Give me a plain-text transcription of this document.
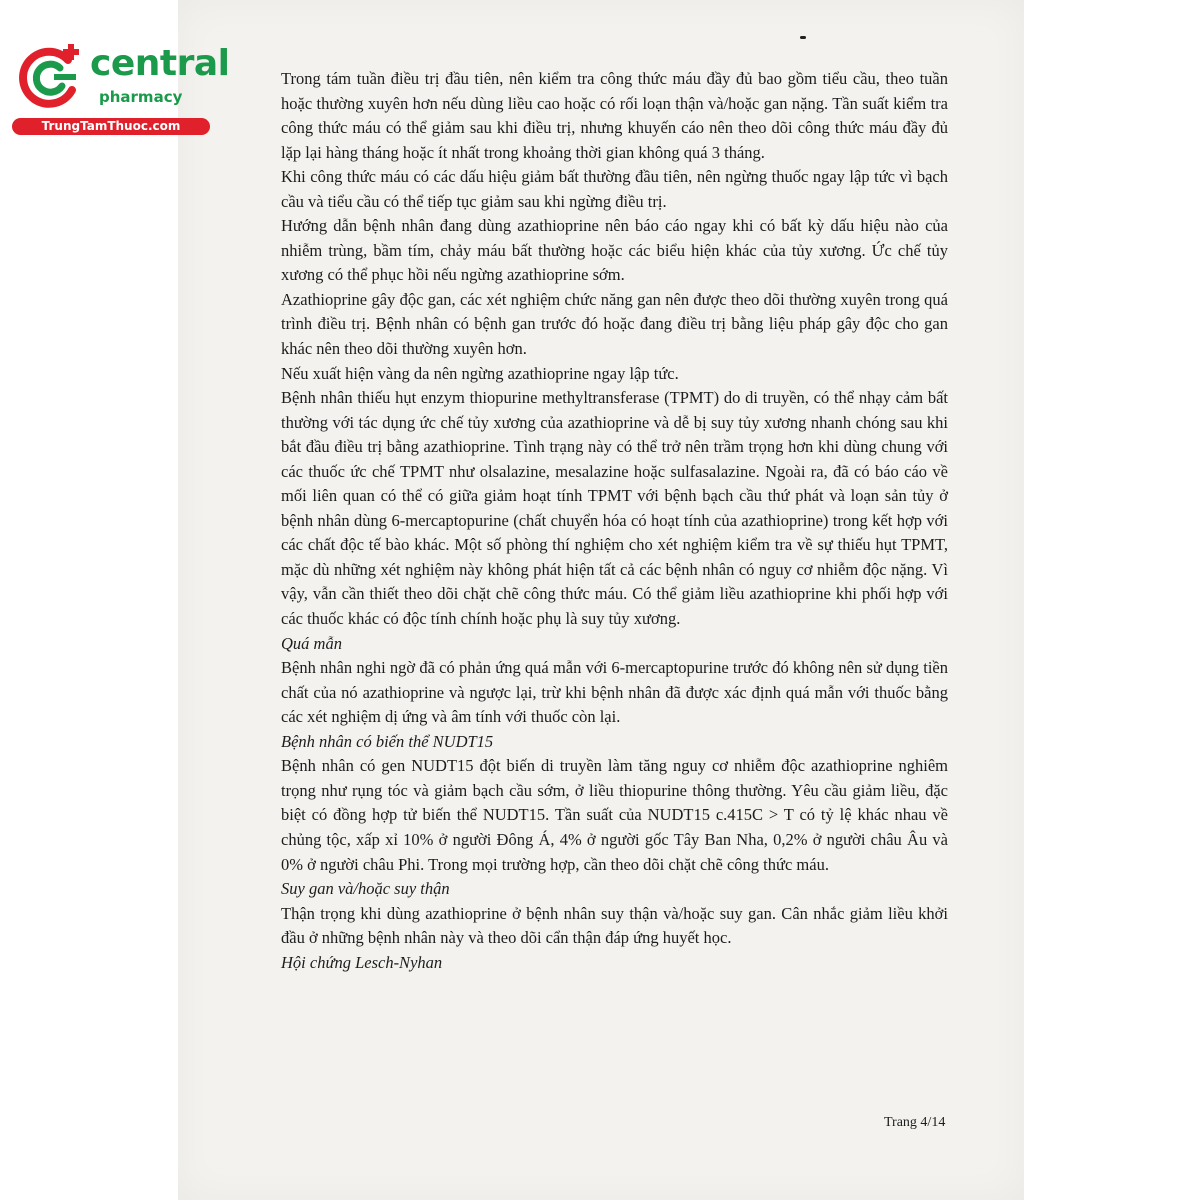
central
pharmacy
TrungTamThuoc.com

Trong tám tuần điều trị đầu tiên, nên kiểm tra công thức máu đầy đủ bao gồm tiểu cầu, theo tuần hoặc thường xuyên hơn nếu dùng liều cao hoặc có rối loạn thận và/hoặc gan nặng. Tần suất kiểm tra công thức máu có thể giảm sau khi điều trị, nhưng khuyến cáo nên theo dõi công thức máu đầy đủ lặp lại hàng tháng hoặc ít nhất trong khoảng thời gian không quá 3 tháng.

Khi công thức máu có các dấu hiệu giảm bất thường đầu tiên, nên ngừng thuốc ngay lập tức vì bạch cầu và tiểu cầu có thể tiếp tục giảm sau khi ngừng điều trị.

Hướng dẫn bệnh nhân đang dùng azathioprine nên báo cáo ngay khi có bất kỳ dấu hiệu nào của nhiễm trùng, bầm tím, chảy máu bất thường hoặc các biểu hiện khác của tủy xương. Ức chế tủy xương có thể phục hồi nếu ngừng azathioprine sớm.

Azathioprine gây độc gan, các xét nghiệm chức năng gan nên được theo dõi thường xuyên trong quá trình điều trị. Bệnh nhân có bệnh gan trước đó hoặc đang điều trị bằng liệu pháp gây độc cho gan khác nên theo dõi thường xuyên hơn.

Nếu xuất hiện vàng da nên ngừng azathioprine ngay lập tức.

Bệnh nhân thiếu hụt enzym thiopurine methyltransferase (TPMT) do di truyền, có thể nhạy cảm bất thường với tác dụng ức chế tủy xương của azathioprine và dễ bị suy tủy xương nhanh chóng sau khi bắt đầu điều trị bằng azathioprine. Tình trạng này có thể trở nên trầm trọng hơn khi dùng chung với các thuốc ức chế TPMT như olsalazine, mesalazine hoặc sulfasalazine. Ngoài ra, đã có báo cáo về mối liên quan có thể có giữa giảm hoạt tính TPMT với bệnh bạch cầu thứ phát và loạn sản tủy ở bệnh nhân dùng 6-mercaptopurine (chất chuyển hóa có hoạt tính của azathioprine) trong kết hợp với các chất độc tế bào khác. Một số phòng thí nghiệm cho xét nghiệm kiểm tra về sự thiếu hụt TPMT, mặc dù những xét nghiệm này không phát hiện tất cả các bệnh nhân có nguy cơ nhiễm độc nặng. Vì vậy, vẫn cần thiết theo dõi chặt chẽ công thức máu. Có thể giảm liều azathioprine khi phối hợp với các thuốc khác có độc tính chính hoặc phụ là suy tủy xương.

Quá mẫn

Bệnh nhân nghi ngờ đã có phản ứng quá mẫn với 6-mercaptopurine trước đó không nên sử dụng tiền chất của nó azathioprine và ngược lại, trừ khi bệnh nhân đã được xác định quá mẫn với thuốc bằng các xét nghiệm dị ứng và âm tính với thuốc còn lại.

Bệnh nhân có biến thể NUDT15

Bệnh nhân có gen NUDT15 đột biến di truyền làm tăng nguy cơ nhiễm độc azathioprine nghiêm trọng như rụng tóc và giảm bạch cầu sớm, ở liều thiopurine thông thường. Yêu cầu giảm liều, đặc biệt có đồng hợp tử biến thể NUDT15. Tần suất của NUDT15 c.415C > T có tỷ lệ khác nhau về chủng tộc, xấp xỉ 10% ở người Đông Á, 4% ở người gốc Tây Ban Nha, 0,2% ở người châu Âu và 0% ở người châu Phi. Trong mọi trường hợp, cần theo dõi chặt chẽ công thức máu.

Suy gan và/hoặc suy thận

Thận trọng khi dùng azathioprine ở bệnh nhân suy thận và/hoặc suy gan. Cân nhắc giảm liều khởi đầu ở những bệnh nhân này và theo dõi cẩn thận đáp ứng huyết học.

Hội chứng Lesch-Nyhan

Trang 4/14
